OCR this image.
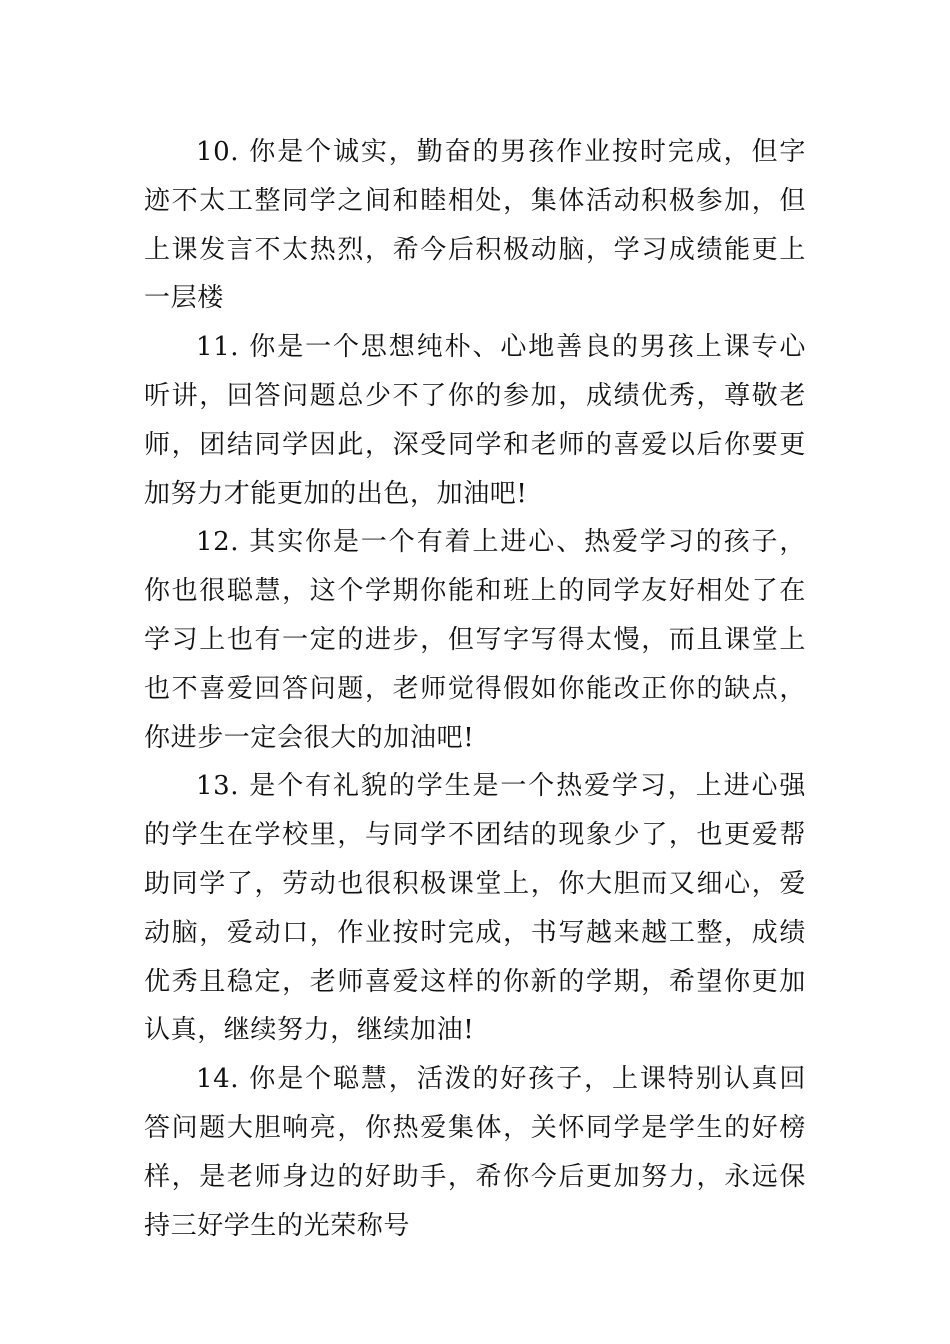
10. 你是个诚实，勤奋的男孩作业按时完成，但字迹不太工整同学之间和睦相处，集体活动积极参加，但上课发言不太热烈，希今后积极动脑，学习成绩能更上一层楼

11. 你是一个思想纯朴、心地善良的男孩上课专心听讲，回答问题总少不了你的参加，成绩优秀，尊敬老师，团结同学因此，深受同学和老师的喜爱以后你要更加努力才能更加的出色，加油吧!

12. 其实你是一个有着上进心、热爱学习的孩子，你也很聪慧，这个学期你能和班上的同学友好相处了在学习上也有一定的进步，但写字写得太慢，而且课堂上也不喜爱回答问题，老师觉得假如你能改正你的缺点，你进步一定会很大的加油吧!

13. 是个有礼貌的学生是一个热爱学习，上进心强的学生在学校里，与同学不团结的现象少了，也更爱帮助同学了，劳动也很积极课堂上，你大胆而又细心，爱动脑，爱动口，作业按时完成，书写越来越工整，成绩优秀且稳定，老师喜爱这样的你新的学期，希望你更加认真，继续努力，继续加油!

14. 你是个聪慧，活泼的好孩子，上课特别认真回答问题大胆响亮，你热爱集体，关怀同学是学生的好榜样，是老师身边的好助手，希你今后更加努力，永远保持三好学生的光荣称号
